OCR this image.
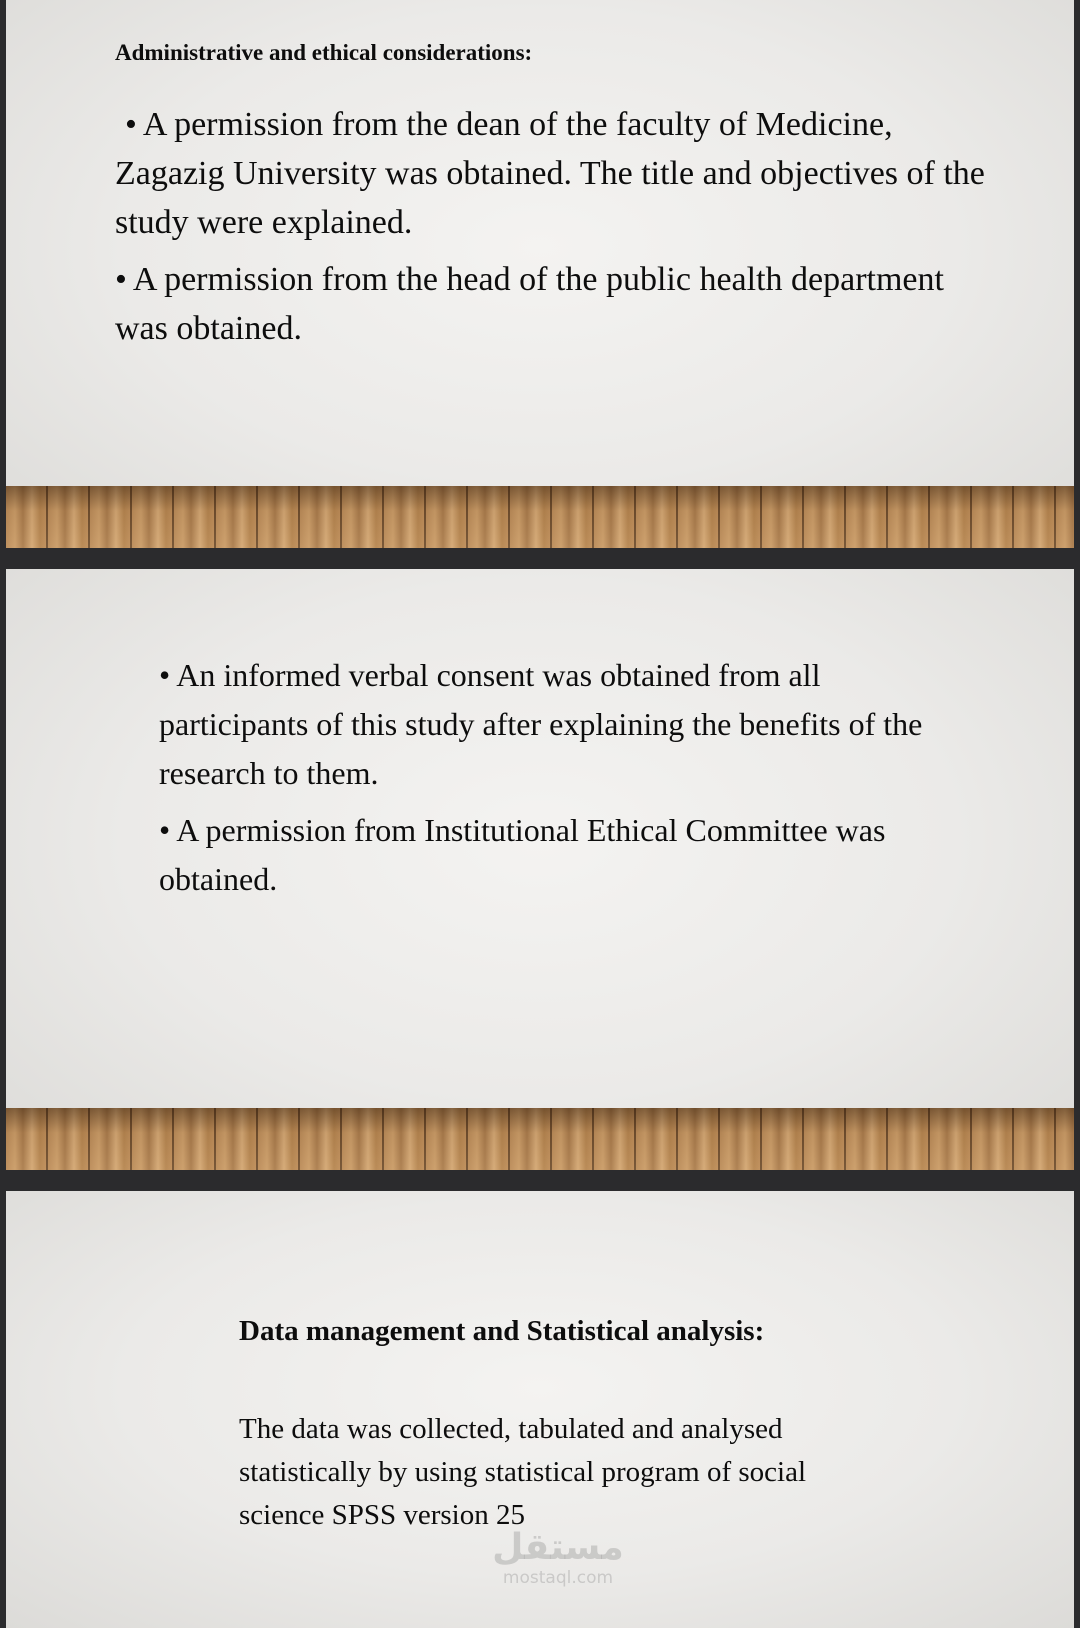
Administrative and ethical considerations:
• A permission from the dean of the faculty of Medicine, Zagazig University was obtained. The title and objectives of the study were explained.
• A permission from the head of the public health department was obtained.
• An informed verbal consent was obtained from all participants of this study after explaining the benefits of the research to them.
• A permission from Institutional Ethical Committee was obtained.
Data management and Statistical analysis:

The data was collected, tabulated and analysed statistically by using statistical program of social science SPSS version 25

مستقل
mostaql.com
